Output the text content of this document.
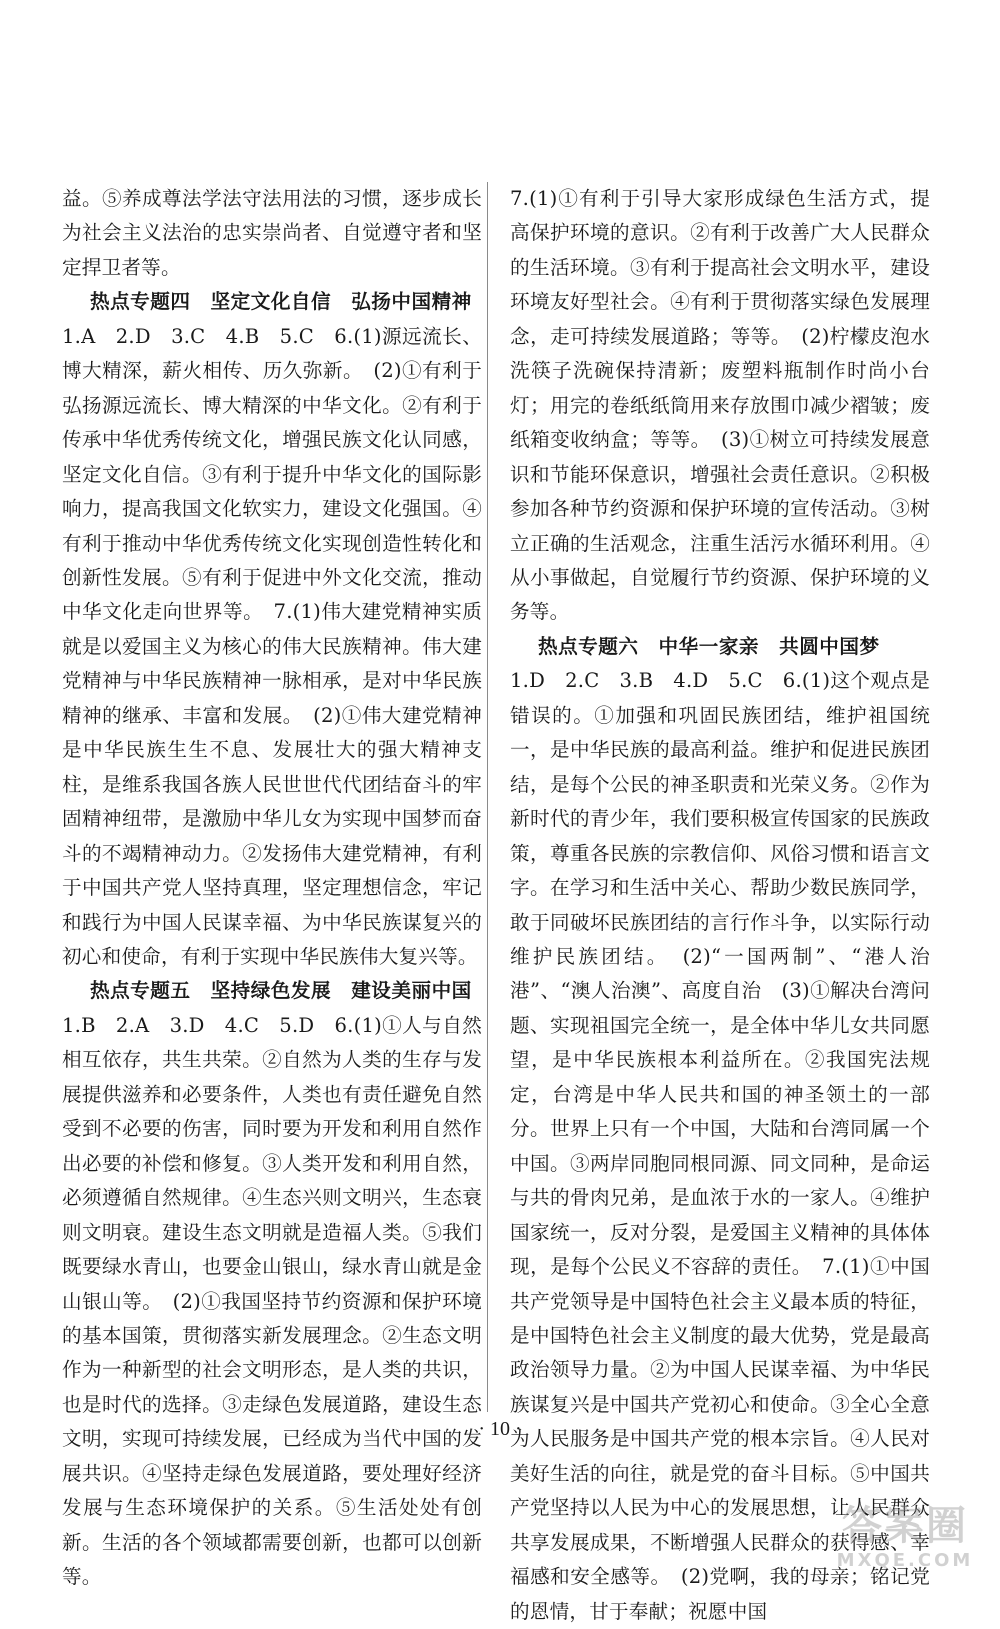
益。⑤养成尊法学法守法用法的习惯，逐步成长为社会主义法治的忠实崇尚者、自觉遵守者和坚定捍卫者等。

热点专题四　坚定文化自信　弘扬中国精神

1.A　2.D　3.C　4.B　5.C　6.(1)源远流长、博大精深，薪火相传、历久弥新。　(2)①有利于弘扬源远流长、博大精深的中华文化。②有利于传承中华优秀传统文化，增强民族文化认同感，坚定文化自信。③有利于提升中华文化的国际影响力，提高我国文化软实力，建设文化强国。④有利于推动中华优秀传统文化实现创造性转化和创新性发展。⑤有利于促进中外文化交流，推动中华文化走向世界等。　7.(1)伟大建党精神实质就是以爱国主义为核心的伟大民族精神。伟大建党精神与中华民族精神一脉相承，是对中华民族精神的继承、丰富和发展。　(2)①伟大建党精神是中华民族生生不息、发展壮大的强大精神支柱，是维系我国各族人民世世代代团结奋斗的牢固精神纽带，是激励中华儿女为实现中国梦而奋斗的不竭精神动力。②发扬伟大建党精神，有利于中国共产党人坚持真理，坚定理想信念，牢记和践行为中国人民谋幸福、为中华民族谋复兴的初心和使命，有利于实现中华民族伟大复兴等。

热点专题五　坚持绿色发展　建设美丽中国

1.B　2.A　3.D　4.C　5.D　6.(1)①人与自然相互依存，共生共荣。②自然为人类的生存与发展提供滋养和必要条件，人类也有责任避免自然受到不必要的伤害，同时要为开发和利用自然作出必要的补偿和修复。③人类开发和利用自然，必须遵循自然规律。④生态兴则文明兴，生态衰则文明衰。建设生态文明就是造福人类。⑤我们既要绿水青山，也要金山银山，绿水青山就是金山银山等。　(2)①我国坚持节约资源和保护环境的基本国策，贯彻落实新发展理念。②生态文明作为一种新型的社会文明形态，是人类的共识，也是时代的选择。③走绿色发展道路，建设生态文明，实现可持续发展，已经成为当代中国的发展共识。④坚持走绿色发展道路，要处理好经济发展与生态环境保护的关系。⑤生活处处有创新。生活的各个领域都需要创新，也都可以创新等。

7.(1)①有利于引导大家形成绿色生活方式，提高保护环境的意识。②有利于改善广大人民群众的生活环境。③有利于提高社会文明水平，建设环境友好型社会。④有利于贯彻落实绿色发展理念，走可持续发展道路；等等。　(2)柠檬皮泡水洗筷子洗碗保持清新；废塑料瓶制作时尚小台灯；用完的卷纸纸筒用来存放围巾减少褶皱；废纸箱变收纳盒；等等。　(3)①树立可持续发展意识和节能环保意识，增强社会责任意识。②积极参加各种节约资源和保护环境的宣传活动。③树立正确的生活观念，注重生活污水循环利用。④从小事做起，自觉履行节约资源、保护环境的义务等。

热点专题六　中华一家亲　共圆中国梦

1.D　2.C　3.B　4.D　5.C　6.(1)这个观点是错误的。①加强和巩固民族团结，维护祖国统一，是中华民族的最高利益。维护和促进民族团结，是每个公民的神圣职责和光荣义务。②作为新时代的青少年，我们要积极宣传国家的民族政策，尊重各民族的宗教信仰、风俗习惯和语言文字。在学习和生活中关心、帮助少数民族同学，敢于同破坏民族团结的言行作斗争，以实际行动维护民族团结。　(2)“一国两制”、“港人治港”、“澳人治澳”、高度自治　(3)①解决台湾问题、实现祖国完全统一，是全体中华儿女共同愿望，是中华民族根本利益所在。②我国宪法规定，台湾是中华人民共和国的神圣领土的一部分。世界上只有一个中国，大陆和台湾同属一个中国。③两岸同胞同根同源、同文同种，是命运与共的骨肉兄弟，是血浓于水的一家人。④维护国家统一，反对分裂，是爱国主义精神的具体体现，是每个公民义不容辞的责任。　7.(1)①中国共产党领导是中国特色社会主义最本质的特征，是中国特色社会主义制度的最大优势，党是最高政治领导力量。②为中国人民谋幸福、为中华民族谋复兴是中国共产党初心和使命。③全心全意为人民服务是中国共产党的根本宗旨。④人民对美好生活的向往，就是党的奋斗目标。⑤中国共产党坚持以人民为中心的发展思想，让人民群众共享发展成果，不断增强人民群众的获得感、幸福感和安全感等。　(2)党啊，我的母亲；铭记党的恩情，甘于奉献；祝愿中国

· 10 ·
答案圈
MXQE.COM
